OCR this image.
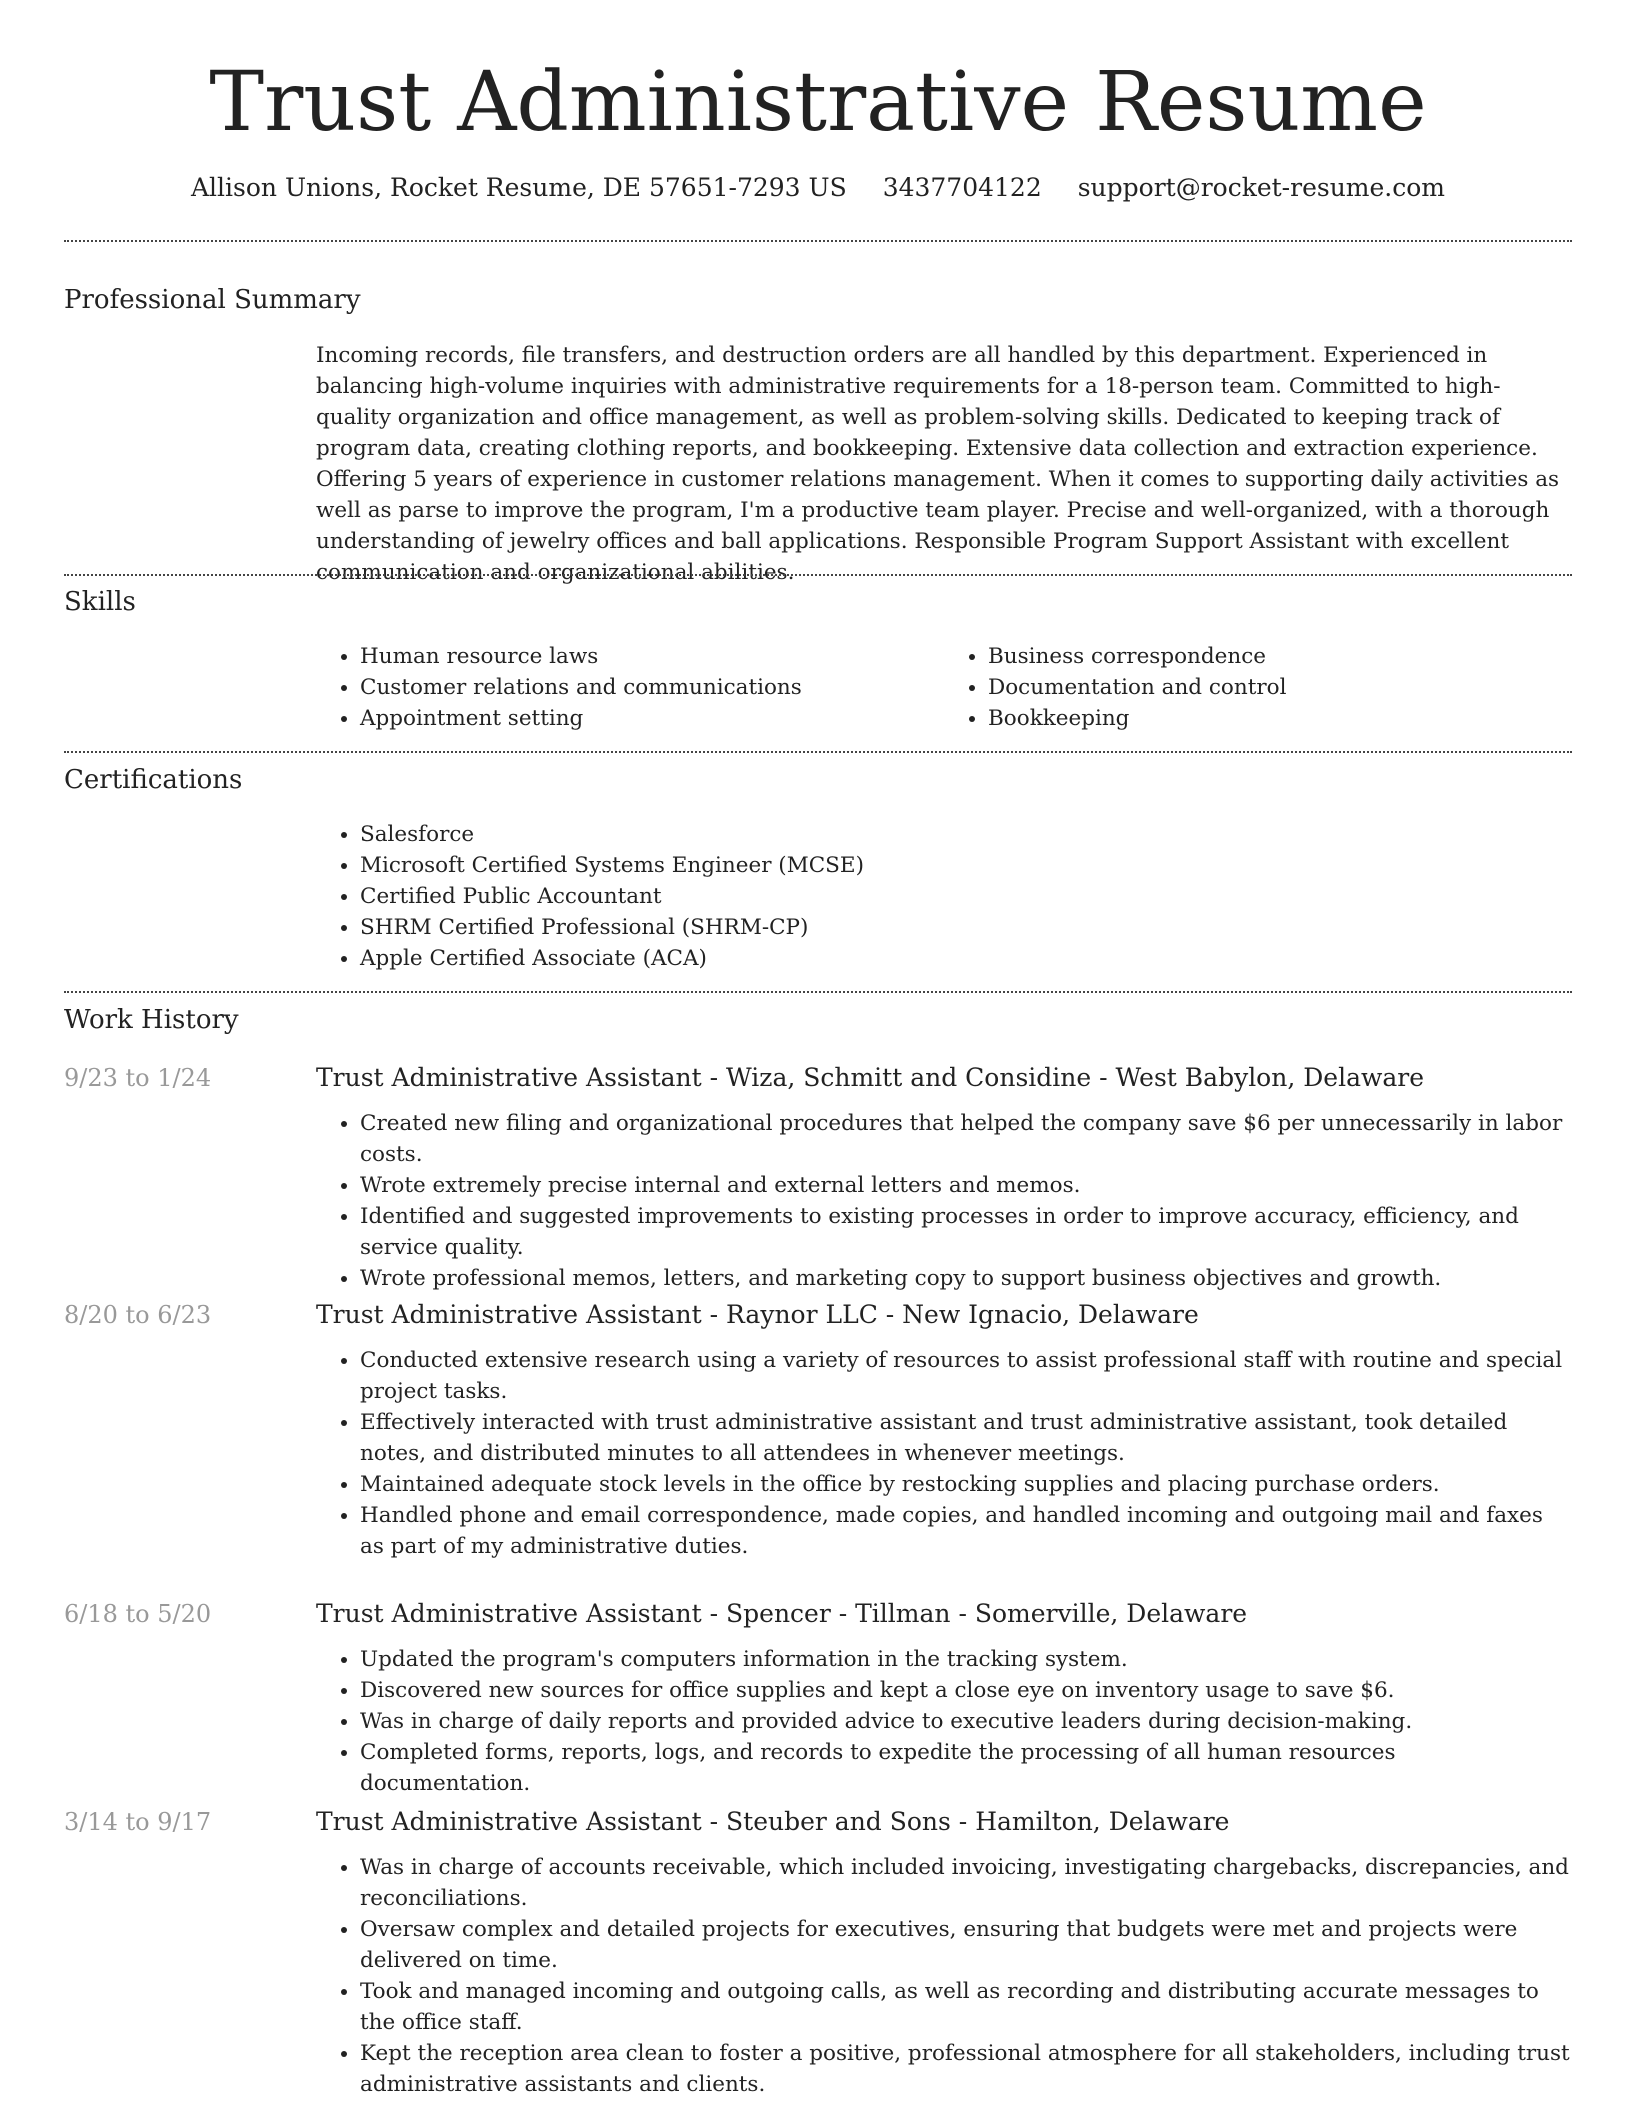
Trust Administrative Resume
Allison Unions, Rocket Resume, DE 57651-7293 US 3437704122 support@rocket-resume.com
Professional Summary

Incoming records, file transfers, and destruction orders are all handled by this department. Experienced in balancing high-volume inquiries with administrative requirements for a 18-person team. Committed to high-quality organization and office management, as well as problem-solving skills. Dedicated to keeping track of program data, creating clothing reports, and bookkeeping. Extensive data collection and extraction experience. Offering 5 years of experience in customer relations management. When it comes to supporting daily activities as well as parse to improve the program, I'm a productive team player. Precise and well-organized, with a thorough understanding of jewelry offices and ball applications. Responsible Program Support Assistant with excellent communication and organizational abilities.

Skills
• Human resource laws
• Customer relations and communications
• Appointment setting
• Business correspondence
• Documentation and control
• Bookkeeping
Certifications
• Salesforce
• Microsoft Certified Systems Engineer (MCSE)
• Certified Public Accountant
• SHRM Certified Professional (SHRM-CP)
• Apple Certified Associate (ACA)
Work History
9/23 to 1/24	Trust Administrative Assistant - Wiza, Schmitt and Considine - West Babylon, Delaware
• Created new filing and organizational procedures that helped the company save $6 per unnecessarily in labor costs.
• Wrote extremely precise internal and external letters and memos.
• Identified and suggested improvements to existing processes in order to improve accuracy, efficiency, and service quality.
• Wrote professional memos, letters, and marketing copy to support business objectives and growth.
8/20 to 6/23	Trust Administrative Assistant - Raynor LLC - New Ignacio, Delaware
• Conducted extensive research using a variety of resources to assist professional staff with routine and special project tasks.
• Effectively interacted with trust administrative assistant and trust administrative assistant, took detailed notes, and distributed minutes to all attendees in whenever meetings.
• Maintained adequate stock levels in the office by restocking supplies and placing purchase orders.
• Handled phone and email correspondence, made copies, and handled incoming and outgoing mail and faxes as part of my administrative duties.
6/18 to 5/20	Trust Administrative Assistant - Spencer - Tillman - Somerville, Delaware
• Updated the program's computers information in the tracking system.
• Discovered new sources for office supplies and kept a close eye on inventory usage to save $6.
• Was in charge of daily reports and provided advice to executive leaders during decision-making.
• Completed forms, reports, logs, and records to expedite the processing of all human resources documentation.
3/14 to 9/17	Trust Administrative Assistant - Steuber and Sons - Hamilton, Delaware
• Was in charge of accounts receivable, which included invoicing, investigating chargebacks, discrepancies, and reconciliations.
• Oversaw complex and detailed projects for executives, ensuring that budgets were met and projects were delivered on time.
• Took and managed incoming and outgoing calls, as well as recording and distributing accurate messages to the office staff.
• Kept the reception area clean to foster a positive, professional atmosphere for all stakeholders, including trust administrative assistants and clients.
